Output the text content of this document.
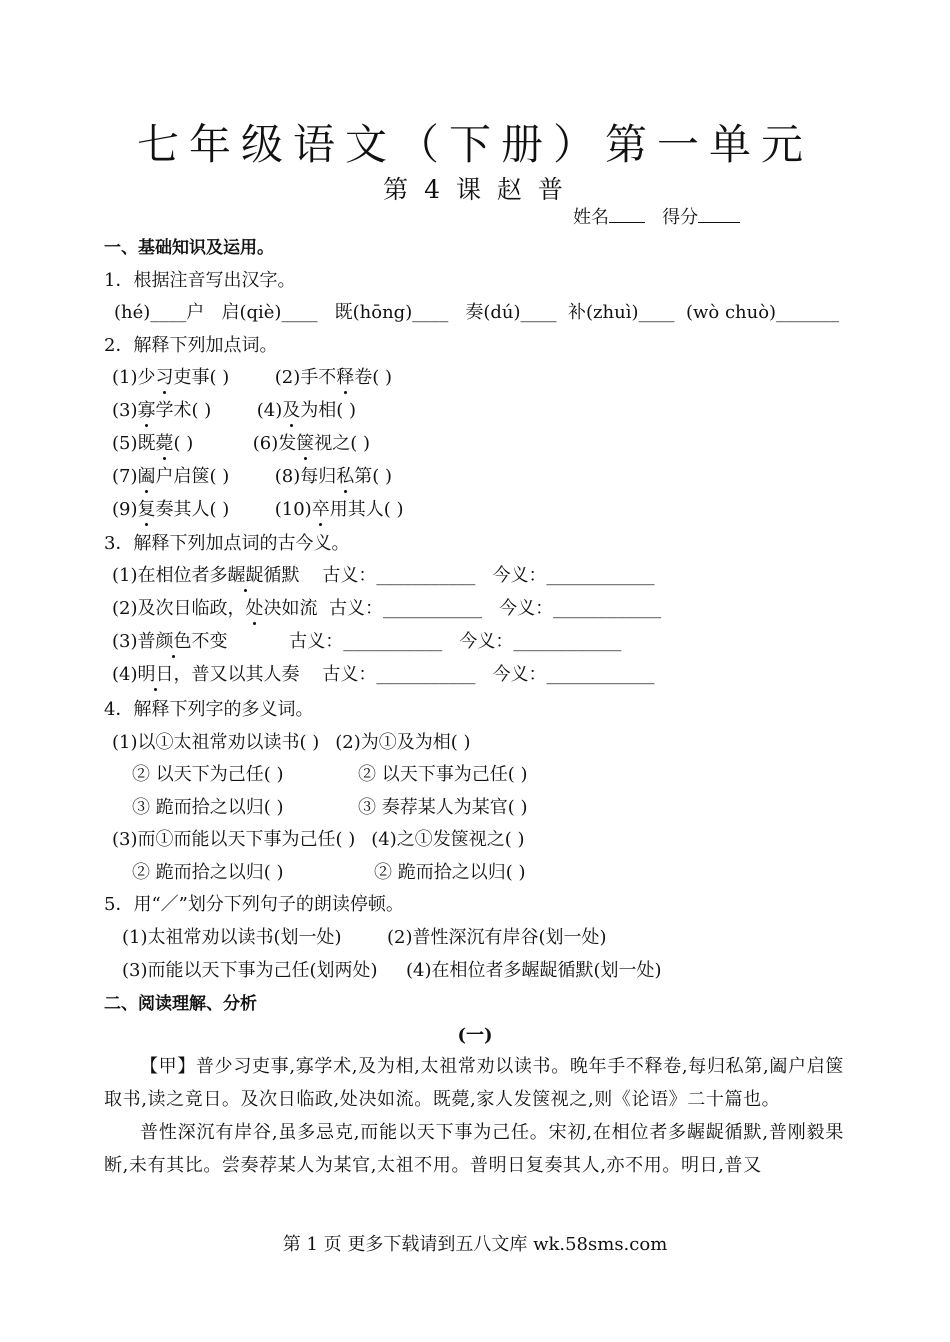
七年级语文（下册）第一单元
第 4 课 赵 普
姓名	得分
一、基础知识及运用。
1．根据注音写出汉字。
(hé)____户 启(qiè)____ 既(hōng)____ 奏(dú)____ 补(zhuì)____ (wò chuò)_______
2．解释下列加点词。
(1)少习吏事( )	(2)手不释卷( )
(3)寡学术( )	(4)及为相( )
(5)既薨( )	(6)发箧视之( )
(7)阖户启箧( )	(8)每归私第( )
(9)复奏其人( )	(10)卒用其人( )
3．解释下列加点词的古今义。
(1)在相位者多龌龊循默 古义：___________ 今义：____________
(2)及次日临政，处决如流 古义：___________ 今义：____________
(3)普颜色不变	古义：___________ 今义：____________
(4)明日，普又以其人奏 古义：___________ 今义：____________
4．解释下列字的多义词。
(1)以①太祖常劝以读书( ) (2)为①及为相( )
② 以天下为己任( )	② 以天下事为己任( )
③ 跪而拾之以归( )	③ 奏荐某人为某官( )
(3)而①而能以天下事为己任( ) (4)之①发箧视之( )
② 跪而拾之以归( )	② 跪而拾之以归( )
5．用“／”划分下列句子的朗读停顿。
(1)太祖常劝以读书(划一处)	(2)普性深沉有岸谷(划一处)
(3)而能以天下事为己任(划两处) (4)在相位者多龌龊循默(划一处)
二、阅读理解、分析
(一)
【甲】普少习吏事,寡学术,及为相,太祖常劝以读书。晚年手不释卷,每归私第,阖户启箧取书,读之竟日。及次日临政,处决如流。既薨,家人发箧视之,则《论语》二十篇也。
普性深沉有岸谷,虽多忌克,而能以天下事为己任。宋初,在相位者多龌龊循默,普刚毅果断,未有其比。尝奏荐某人为某官,太祖不用。普明日复奏其人,亦不用。明日,普又
第 1 页 更多下载请到五八文库 wk.58sms.com
